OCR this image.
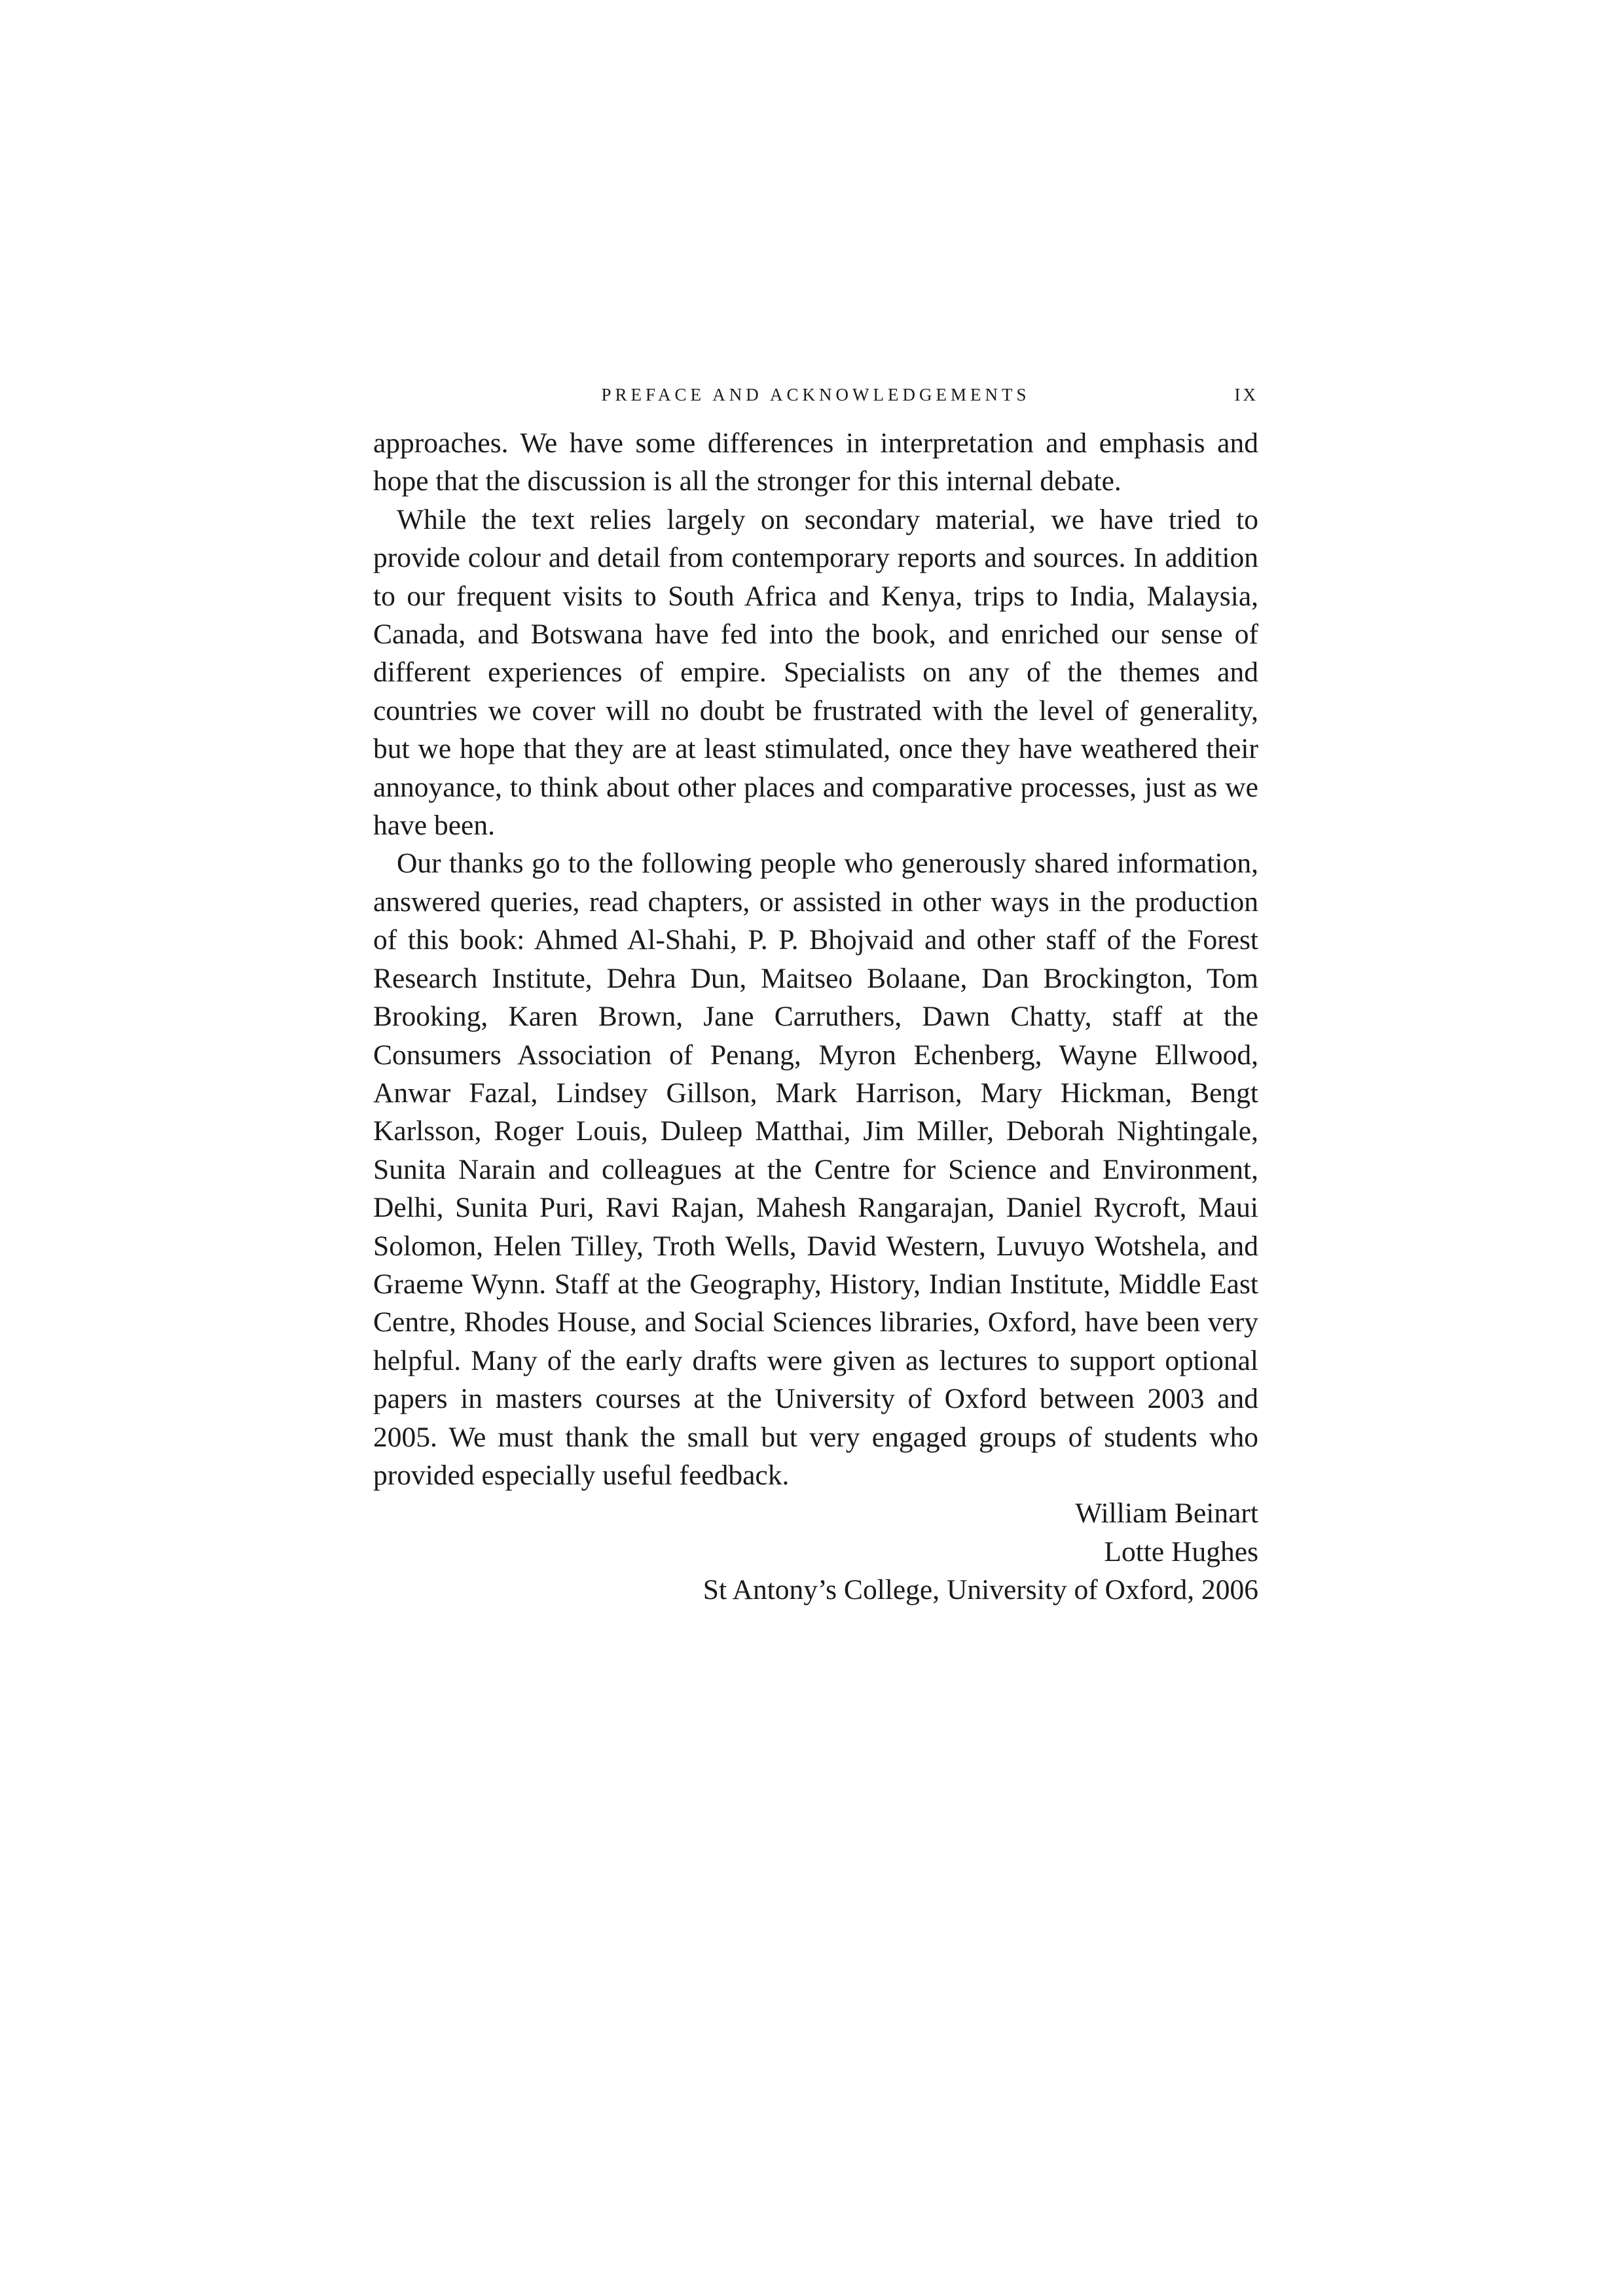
PREFACE AND ACKNOWLEDGEMENTS	IX

approaches. We have some differences in interpretation and emphasis and hope that the discussion is all the stronger for this internal debate.

While the text relies largely on secondary material, we have tried to provide colour and detail from contemporary reports and sources. In addition to our frequent visits to South Africa and Kenya, trips to India, Malaysia, Canada, and Botswana have fed into the book, and enriched our sense of different experiences of empire. Specialists on any of the themes and countries we cover will no doubt be frustrated with the level of generality, but we hope that they are at least stimulated, once they have weathered their annoyance, to think about other places and comparative processes, just as we have been.

Our thanks go to the following people who generously shared information, answered queries, read chapters, or assisted in other ways in the production of this book: Ahmed Al-Shahi, P. P. Bhojvaid and other staff of the Forest Research Institute, Dehra Dun, Maitseo Bolaane, Dan Brockington, Tom Brooking, Karen Brown, Jane Carruthers, Dawn Chatty, staff at the Consumers Association of Penang, Myron Echenberg, Wayne Ellwood, Anwar Fazal, Lindsey Gillson, Mark Harrison, Mary Hickman, Bengt Karlsson, Roger Louis, Duleep Matthai, Jim Miller, Deborah Nightingale, Sunita Narain and colleagues at the Centre for Science and Environment, Delhi, Sunita Puri, Ravi Rajan, Mahesh Rangarajan, Daniel Rycroft, Maui Solomon, Helen Tilley, Troth Wells, David Western, Luvuyo Wotshela, and Graeme Wynn. Staff at the Geography, History, Indian Institute, Middle East Centre, Rhodes House, and Social Sciences libraries, Oxford, have been very helpful. Many of the early drafts were given as lectures to support optional papers in masters courses at the University of Oxford between 2003 and 2005. We must thank the small but very engaged groups of students who provided especially useful feedback.

William Beinart
Lotte Hughes
St Antony’s College, University of Oxford, 2006
